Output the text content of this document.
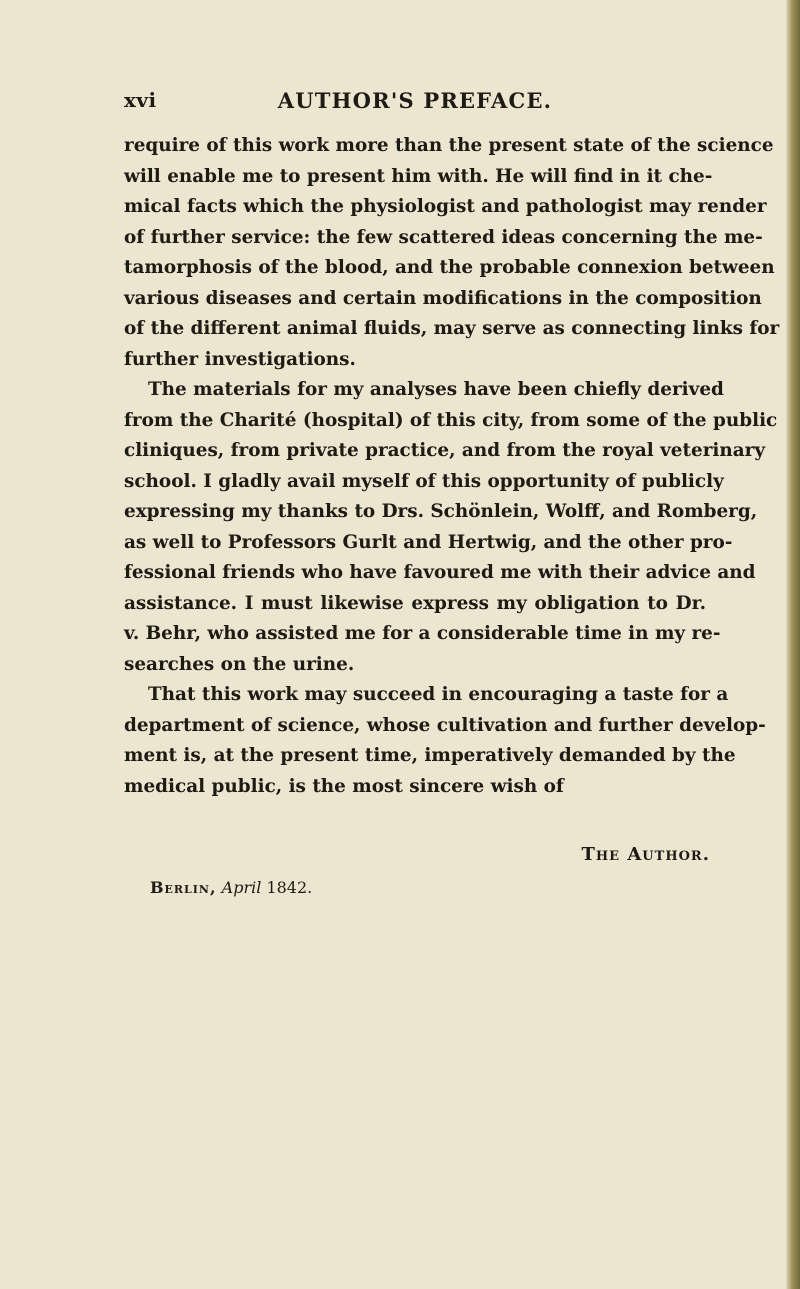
xvi	AUTHOR'S PREFACE.
require of this work more than the present state of the science
will enable me to present him with. He will find in it che-
mical facts which the physiologist and pathologist may render
of further service: the few scattered ideas concerning the me-
tamorphosis of the blood, and the probable connexion between
various diseases and certain modifications in the composition
of the different animal fluids, may serve as connecting links for
further investigations.
The materials for my analyses have been chiefly derived
from the Charité (hospital) of this city, from some of the public
cliniques, from private practice, and from the royal veterinary
school. I gladly avail myself of this opportunity of publicly
expressing my thanks to Drs. Schönlein, Wolff, and Romberg,
as well to Professors Gurlt and Hertwig, and the other pro-
fessional friends who have favoured me with their advice and
assistance. I must likewise express my obligation to Dr.
v. Behr, who assisted me for a considerable time in my re-
searches on the urine.
That this work may succeed in encouraging a taste for a
department of science, whose cultivation and further develop-
ment is, at the present time, imperatively demanded by the
medical public, is the most sincere wish of
The Author.
Berlin, April 1842.
